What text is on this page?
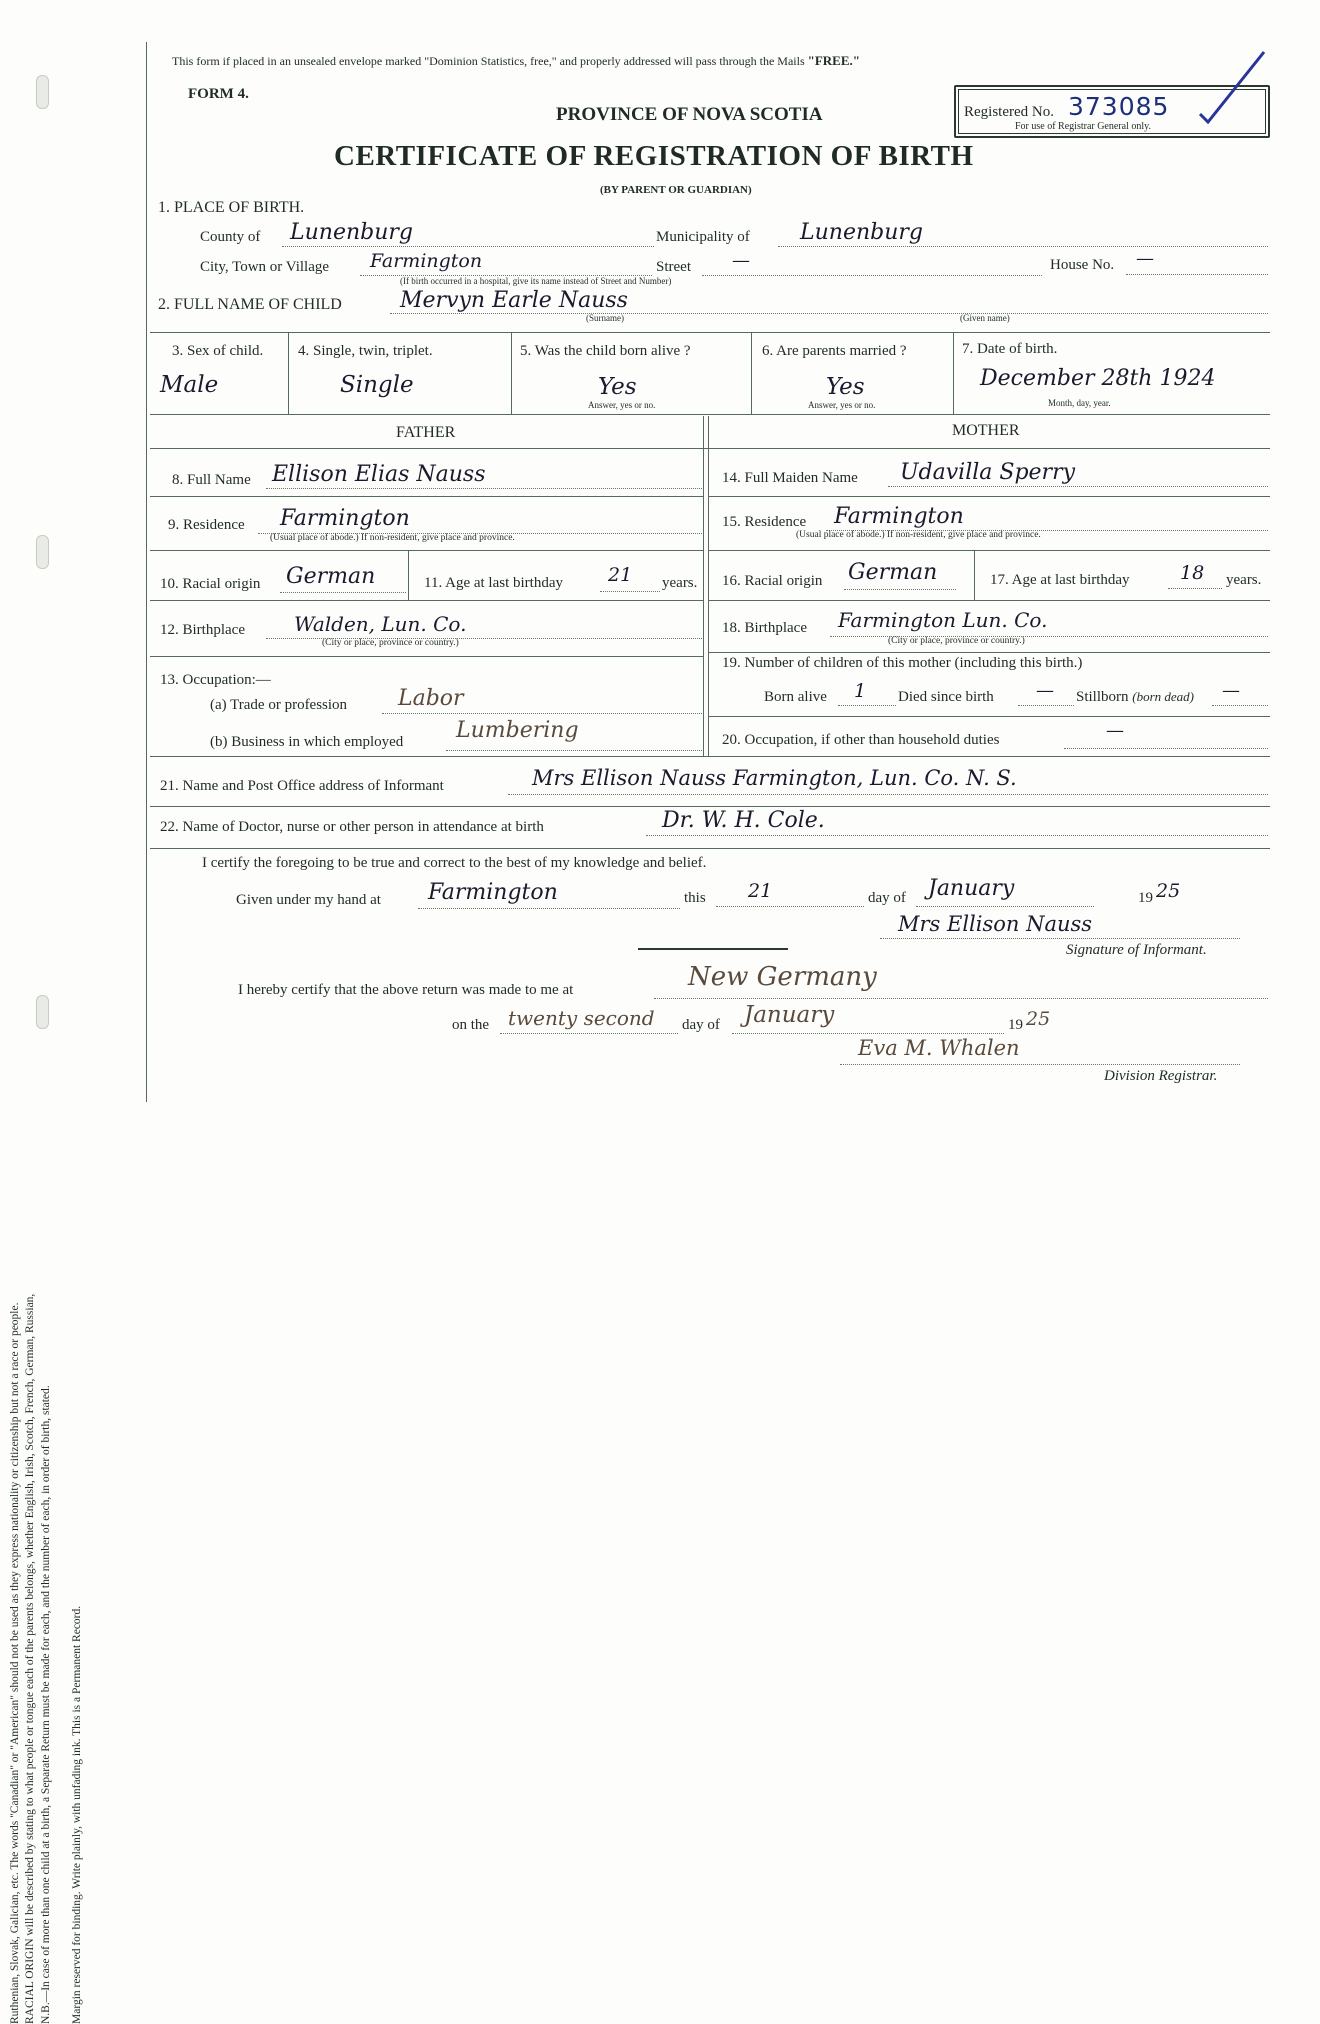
Ruthenian, Slovak, Galician, etc. The words "Canadian" or "American" should not be used as they express nationality or citizenship but not a race or people. RACIAL ORIGIN will be described by stating to what people or tongue each of the parents belongs, whether English, Irish, Scotch, French, German, Russian, N.B.—In case of more than one child at a birth, a Separate Return must be made for each, and the number of each, in order of birth, stated. Margin reserved for binding. Write plainly, with unfading ink. This is a Permanent Record.
This form if placed in an unsealed envelope marked "Dominion Statistics, free," and properly addressed will pass through the Mails "FREE."
FORM 4.
PROVINCE OF NOVA SCOTIA
CERTIFICATE OF REGISTRATION OF BIRTH
(BY PARENT OR GUARDIAN)
Registered No. 373085
For use of Registrar General only.
1. PLACE OF BIRTH.
County of Lunenburg	Municipality of Lunenburg
City, Town or Village Farmington	Street —	House No. —
(If birth occurred in a hospital, give its name instead of Street and Number)
2. FULL NAME OF CHILD	Mervyn Earle Nauss
(Surname)	(Given name)
3. Sex of child.
Male
4. Single, twin, triplet.
Single
5. Was the child born alive ?
Yes
Answer, yes or no.
6. Are parents married ?
Yes
Answer, yes or no.
7. Date of birth.
December 28th 1924
Month, day, year.
FATHER	MOTHER
8. Full Name Ellison Elias Nauss
9. Residence Farmington
(Usual place of abode.) If non-resident, give place and province.
10. Racial origin German	11. Age at last birthday 21 years.
12. Birthplace Walden, Lun. Co.
(City or place, province or country.)
13. Occupation:—
(a) Trade or profession Labor
(b) Business in which employed Lumbering
14. Full Maiden Name Udavilla Sperry
15. Residence Farmington
(Usual place of abode.) If non-resident, give place and province.
16. Racial origin German	17. Age at last birthday	18 years.
18. Birthplace Farmington Lun. Co.
(City or place, province or country.)
19. Number of children of this mother (including this birth.)
Born alive 1 Died since birth — Stillborn (born dead) —
20. Occupation, if other than household duties	—
21. Name and Post Office address of Informant	Mrs Ellison Nauss Farmington, Lun. Co. N. S.
22. Name of Doctor, nurse or other person in attendance at birth	Dr. W. H. Cole.
I certify the foregoing to be true and correct to the best of my knowledge and belief.
Given under my hand at Farmington	this 21	day of January	19 25
Mrs Ellison Nauss
Signature of Informant.
I hereby certify that the above return was made to me at	New Germany
on the twenty second day of January	19 25
Eva M. Whalen
Division Registrar.
